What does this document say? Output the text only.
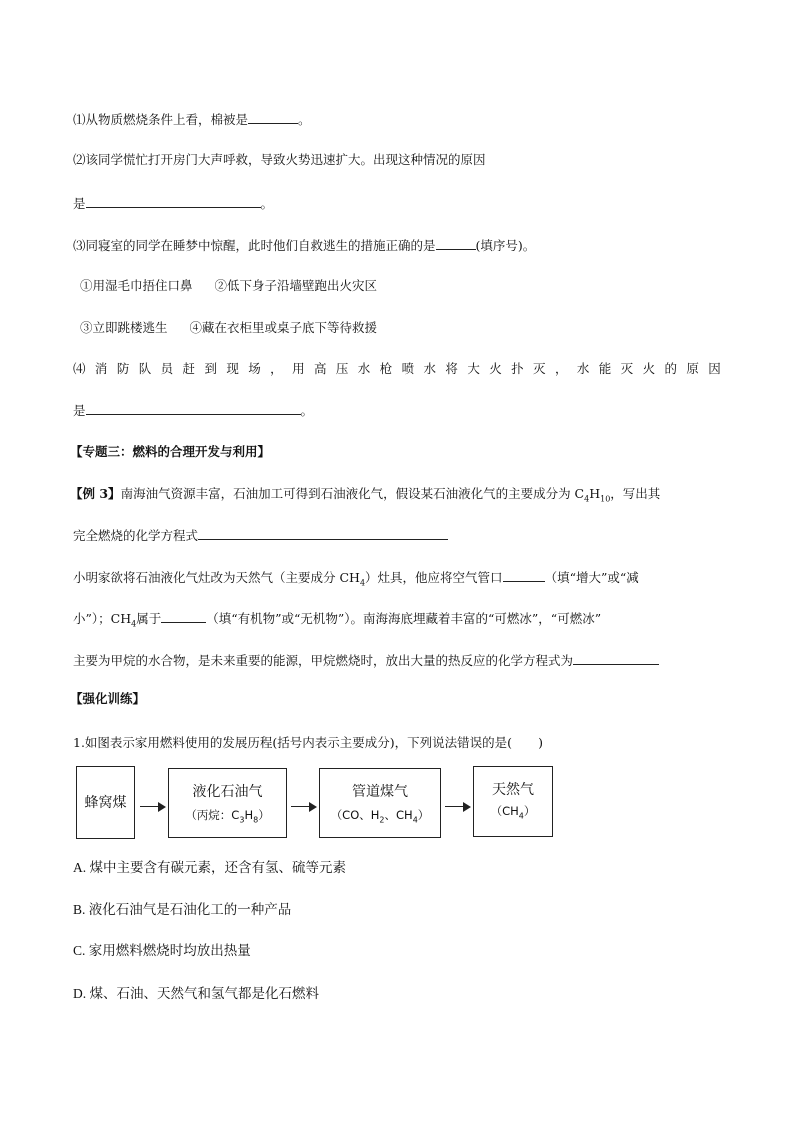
⑴从物质燃烧条件上看，棉被是	。
⑵该同学慌忙打开房门大声呼救，导致火势迅速扩大。出现这种情况的原因
是	。
⑶同寝室的同学在睡梦中惊醒，此时他们自救逃生的措施正确的是	(填序号)。
①用湿毛巾捂住口鼻 ②低下身子沿墙壁跑出火灾区
③立即跳楼逃生 ④藏在衣柜里或桌子底下等待救援
⑷ 消 防 队 员 赶 到 现 场 ， 用 高 压 水 枪 喷 水 将 大 火 扑 灭 ， 水 能 灭 火 的 原 因
是	。
【专题三：燃料的合理开发与利用】
【例 3】南海油气资源丰富，石油加工可得到石油液化气，假设某石油液化气的主要成分为 $C_4H_{10}$，写出其
完全燃烧的化学方程式
小明家欲将石油液化气灶改为天然气（主要成分 $CH_4$）灶具，他应将空气管口	（填“增大”或“减
小”）；$CH_4$属于	（填“有机物”或“无机物”）。南海海底埋藏着丰富的“可燃冰”，“可燃冰”
主要为甲烷的水合物，是未来重要的能源，甲烷燃烧时，放出大量的热反应的化学方程式为
【强化训练】
1.如图表示家用燃料使用的发展历程(括号内表示主要成分)，下列说法错误的是( )
蜂窝煤
液化石油气
（丙烷：$C_3H_8$）
管道煤气
（CO、$H_2$、$CH_4$）
天然气
$(CH_4)$
A. 煤中主要含有碳元素，还含有氢、硫等元素
B. 液化石油气是石油化工的一种产品
C. 家用燃料燃烧时均放出热量
D. 煤、石油、天然气和氢气都是化石燃料
